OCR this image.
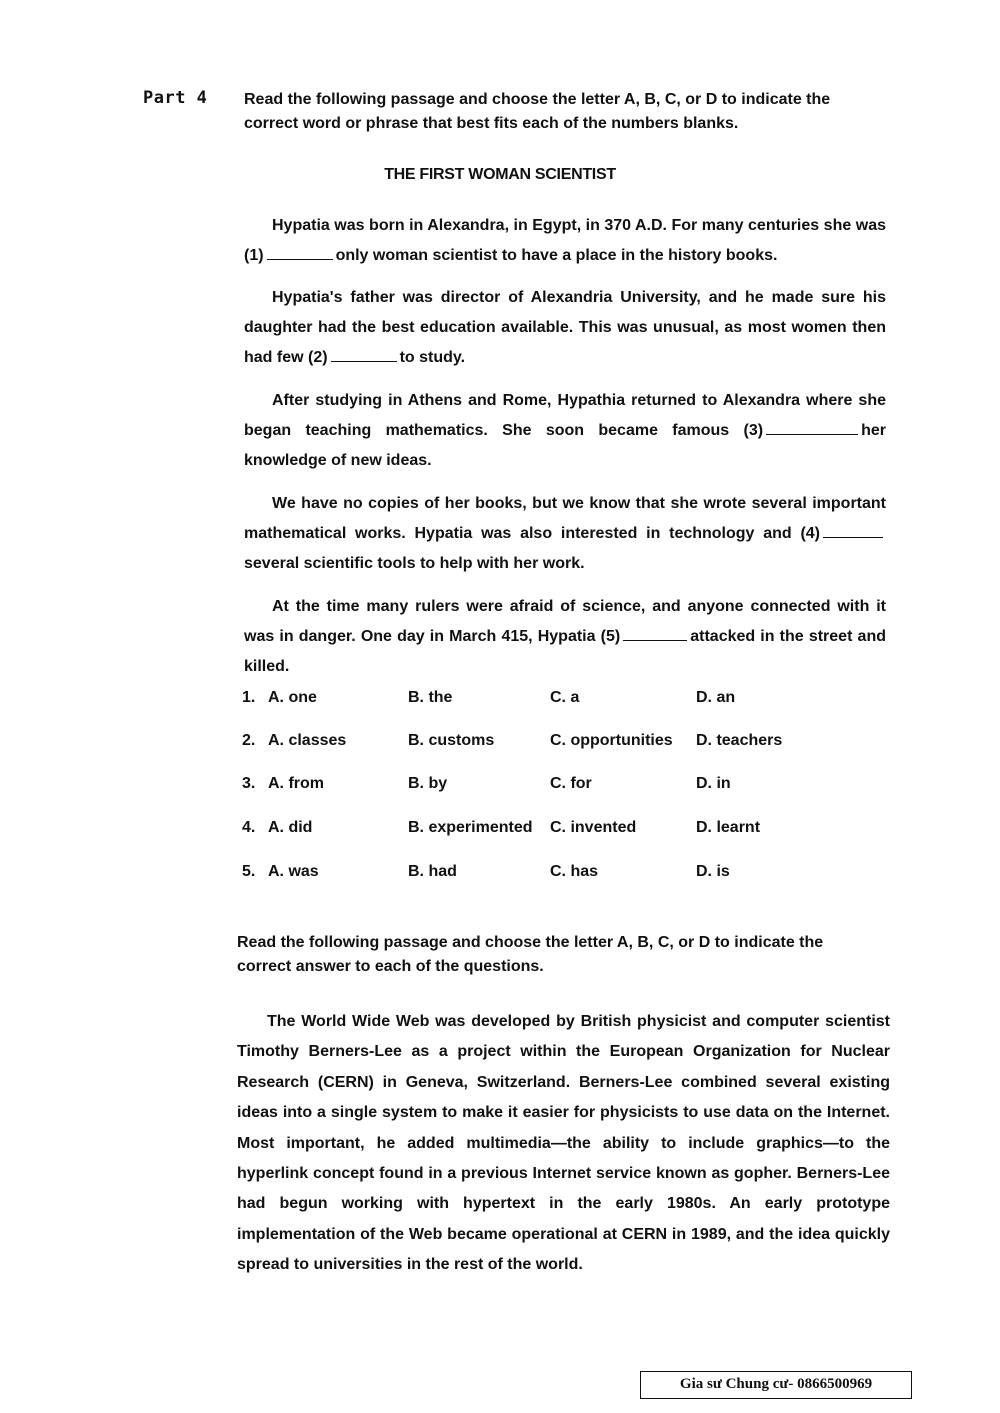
Part 4 Read the following passage and choose the letter A, B, C, or D to indicate the
correct word or phrase that best fits each of the numbers blanks.
THE FIRST WOMAN SCIENTIST
Hypatia was born in Alexandra, in Egypt, in 370 A.D. For many centuries she was (1)	only woman scientist to have a place in the history books.
Hypatia's father was director of Alexandria University, and he made sure his daughter had the best education available. This was unusual, as most women then had few (2)	to study.
After studying in Athens and Rome, Hypathia returned to Alexandra where she began teaching mathematics. She soon became famous (3)	her knowledge of new ideas.
We have no copies of her books, but we know that she wrote several important mathematical works. Hypatia was also interested in technology and (4)several scientific tools to help with her work.
At the time many rulers were afraid of science, and anyone connected with it was in danger. One day in March 415, Hypatia (5)	attacked in the street and killed.
1. A. one	B. the	C. a	D. an
2. A. classes	B. customs	C. opportunities D. teachers
3. A. from	B. by	C. for	D. in
4. A. did	B. experimented C. invented	D. learnt
5. A. was	B. had	C. has	D. is
Read the following passage and choose the letter A, B, C, or D to indicate the
correct answer to each of the questions.
The World Wide Web was developed by British physicist and computer scientist Timothy Berners-Lee as a project within the European Organization for Nuclear Research (CERN) in Geneva, Switzerland. Berners-Lee combined several existing ideas into a single system to make it easier for physicists to use data on the Internet. Most important, he added multimedia—the ability to include graphics—to the hyperlink concept found in a previous Internet service known as gopher. Berners-Lee had begun working with hypertext in the early 1980s. An early prototype implementation of the Web became operational at CERN in 1989, and the idea quickly spread to universities in the rest of the world.
Gia sư Chung cư- 0866500969
